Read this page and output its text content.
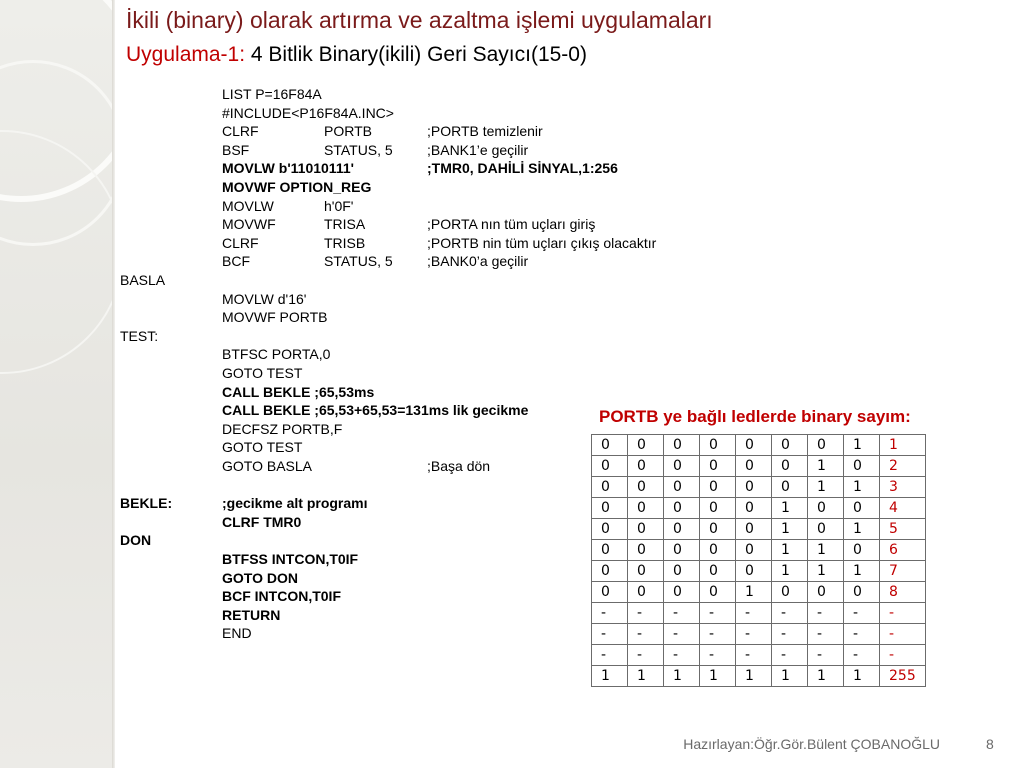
İkili (binary) olarak artırma ve azaltma işlemi uygulamaları
Uygulama-1: 4 Bitlik Binary(ikili) Geri Sayıcı(15-0)
LIST P=16F84A
#INCLUDE<P16F84A.INC>
CLRF	PORTB	;PORTB temizlenir
BSF	STATUS, 5 ;BANK1’e geçilir
MOVLW b'11010111'	;TMR0, DAHİLİ SİNYAL,1:256
MOVWF OPTION_REG
MOVLW	h'0F'
MOVWF	TRISA	;PORTA nın tüm uçları giriş
CLRF	TRISB	;PORTB nin tüm uçları çıkış olacaktır
BCF	STATUS, 5 ;BANK0’a geçilir
BASLA
MOVLW d'16'
MOVWF PORTB
TEST:
BTFSC PORTA,0
GOTO TEST
CALL BEKLE ;65,53ms
CALL BEKLE ;65,53+65,53=131ms lik gecikme
DECFSZ PORTB,F
GOTO TEST
GOTO BASLA	;Başa dön
BEKLE:	;gecikme alt programı
CLRF TMR0
DON
BTFSS INTCON,T0IF
GOTO DON
BCF INTCON,T0IF
RETURN
END
PORTB ye bağlı ledlerde binary sayım:
0	0	0	0	0	0	0	1	1
0	0	0	0	0	0	1	0	2
0	0	0	0	0	0	1	1	3
0	0	0	0	0	1	0	0	4
0	0	0	0	0	1	0	1	5
0	0	0	0	0	1	1	0	6
0	0	0	0	0	1	1	1	7
0	0	0	0	1	0	0	0	8
-	-	-	-	-	-	-	-	-
-	-	-	-	-	-	-	-	-
-	-	-	-	-	-	-	-	-
1	1	1	1	1	1	1	1	255
Hazırlayan:Öğr.Gör.Bülent ÇOBANOĞLU	8
